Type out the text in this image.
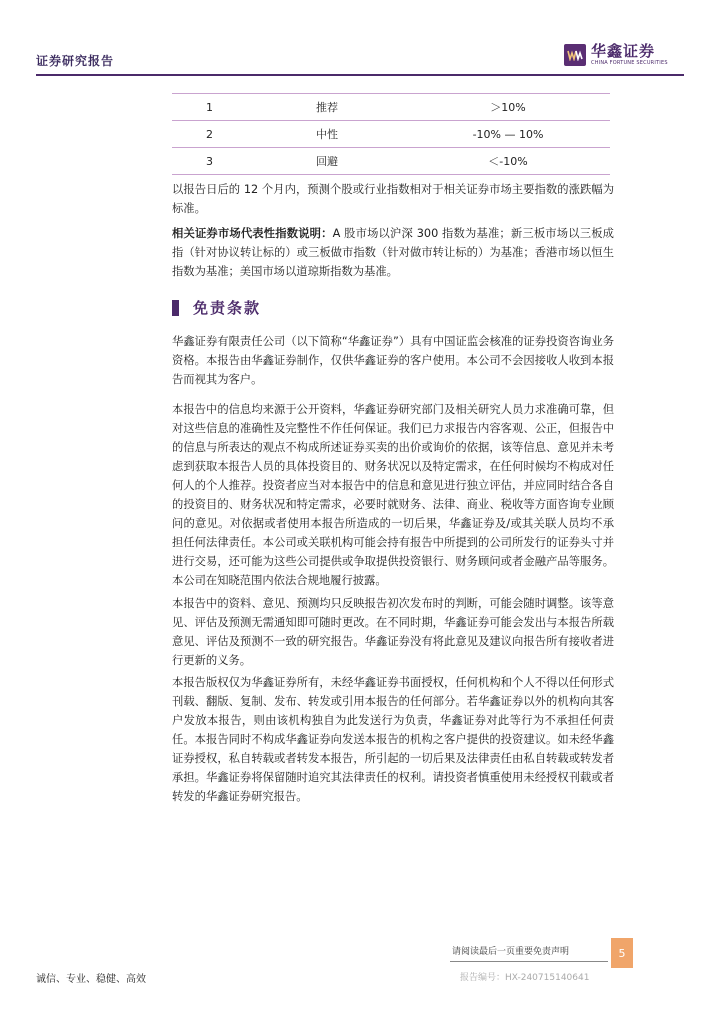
证券研究报告
华鑫证券
CHINA FORTUNE SECURITIES
1	推荐	＞10%
2	中性	-10% — 10%
3	回避	＜-10%
以报告日后的 12 个月内，预测个股或行业指数相对于相关证券市场主要指数的涨跌幅为标准。
相关证券市场代表性指数说明：A 股市场以沪深 300 指数为基准；新三板市场以三板成指（针对协议转让标的）或三板做市指数（针对做市转让标的）为基准；香港市场以恒生指数为基准；美国市场以道琼斯指数为基准。
免责条款
华鑫证券有限责任公司（以下简称“华鑫证券”）具有中国证监会核准的证券投资咨询业务资格。本报告由华鑫证券制作，仅供华鑫证券的客户使用。本公司不会因接收人收到本报告而视其为客户。
本报告中的信息均来源于公开资料，华鑫证券研究部门及相关研究人员力求准确可靠，但对这些信息的准确性及完整性不作任何保证。我们已力求报告内容客观、公正，但报告中的信息与所表达的观点不构成所述证券买卖的出价或询价的依据，该等信息、意见并未考虑到获取本报告人员的具体投资目的、财务状况以及特定需求，在任何时候均不构成对任何人的个人推荐。投资者应当对本报告中的信息和意见进行独立评估，并应同时结合各自的投资目的、财务状况和特定需求，必要时就财务、法律、商业、税收等方面咨询专业顾问的意见。对依据或者使用本报告所造成的一切后果，华鑫证券及/或其关联人员均不承担任何法律责任。本公司或关联机构可能会持有报告中所提到的公司所发行的证券头寸并进行交易，还可能为这些公司提供或争取提供投资银行、财务顾问或者金融产品等服务。本公司在知晓范围内依法合规地履行披露。
本报告中的资料、意见、预测均只反映报告初次发布时的判断，可能会随时调整。该等意见、评估及预测无需通知即可随时更改。在不同时期，华鑫证券可能会发出与本报告所载意见、评估及预测不一致的研究报告。华鑫证券没有将此意见及建议向报告所有接收者进行更新的义务。
本报告版权仅为华鑫证券所有，未经华鑫证券书面授权，任何机构和个人不得以任何形式刊载、翻版、复制、发布、转发或引用本报告的任何部分。若华鑫证券以外的机构向其客户发放本报告，则由该机构独自为此发送行为负责，华鑫证券对此等行为不承担任何责任。本报告同时不构成华鑫证券向发送本报告的机构之客户提供的投资建议。如未经华鑫证券授权，私自转载或者转发本报告，所引起的一切后果及法律责任由私自转载或转发者承担。华鑫证券将保留随时追究其法律责任的权利。请投资者慎重使用未经授权刊载或者转发的华鑫证券研究报告。
请阅读最后一页重要免责声明	5
诚信、专业、稳健、高效	报告编号：HX-240715140641
